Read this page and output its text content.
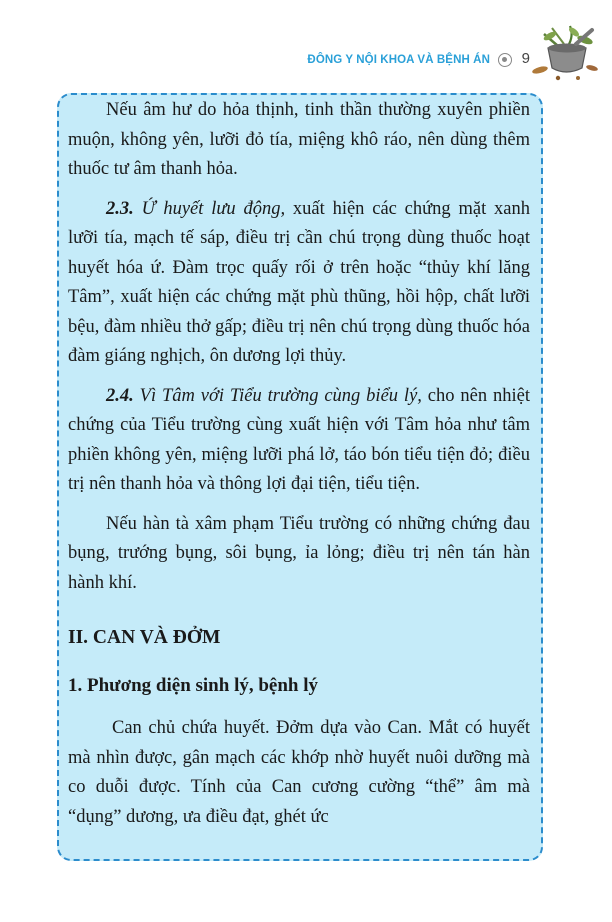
ĐÔNG Y NỘI KHOA VÀ BỆNH ÁN 9

Nếu âm hư do hỏa thịnh, tinh thần thường xuyên phiền muộn, không yên, lưỡi đỏ tía, miệng khô ráo, nên dùng thêm thuốc tư âm thanh hỏa.

2.3. Ứ huyết lưu động, xuất hiện các chứng mặt xanh lưỡi tía, mạch tế sáp, điều trị cần chú trọng dùng thuốc hoạt huyết hóa ứ. Đàm trọc quấy rối ở trên hoặc “thủy khí lăng Tâm”, xuất hiện các chứng mặt phù thũng, hồi hộp, chất lưỡi bệu, đàm nhiều thở gấp; điều trị nên chú trọng dùng thuốc hóa đàm giáng nghịch, ôn dương lợi thủy.

2.4. Vì Tâm với Tiểu trường cùng biểu lý, cho nên nhiệt chứng của Tiểu trường cùng xuất hiện với Tâm hỏa như tâm phiền không yên, miệng lưỡi phá lở, táo bón tiểu tiện đỏ; điều trị nên thanh hỏa và thông lợi đại tiện, tiểu tiện.

Nếu hàn tà xâm phạm Tiểu trường có những chứng đau bụng, trướng bụng, sôi bụng, ỉa lỏng; điều trị nên tán hàn hành khí.

II. CAN VÀ ĐỞM
1. Phương diện sinh lý, bệnh lý

Can chủ chứa huyết. Đởm dựa vào Can. Mắt có huyết mà nhìn được, gân mạch các khớp nhờ huyết nuôi dưỡng mà co duỗi được. Tính của Can cương cường “thể” âm mà “dụng” dương, ưa điều đạt, ghét ức
